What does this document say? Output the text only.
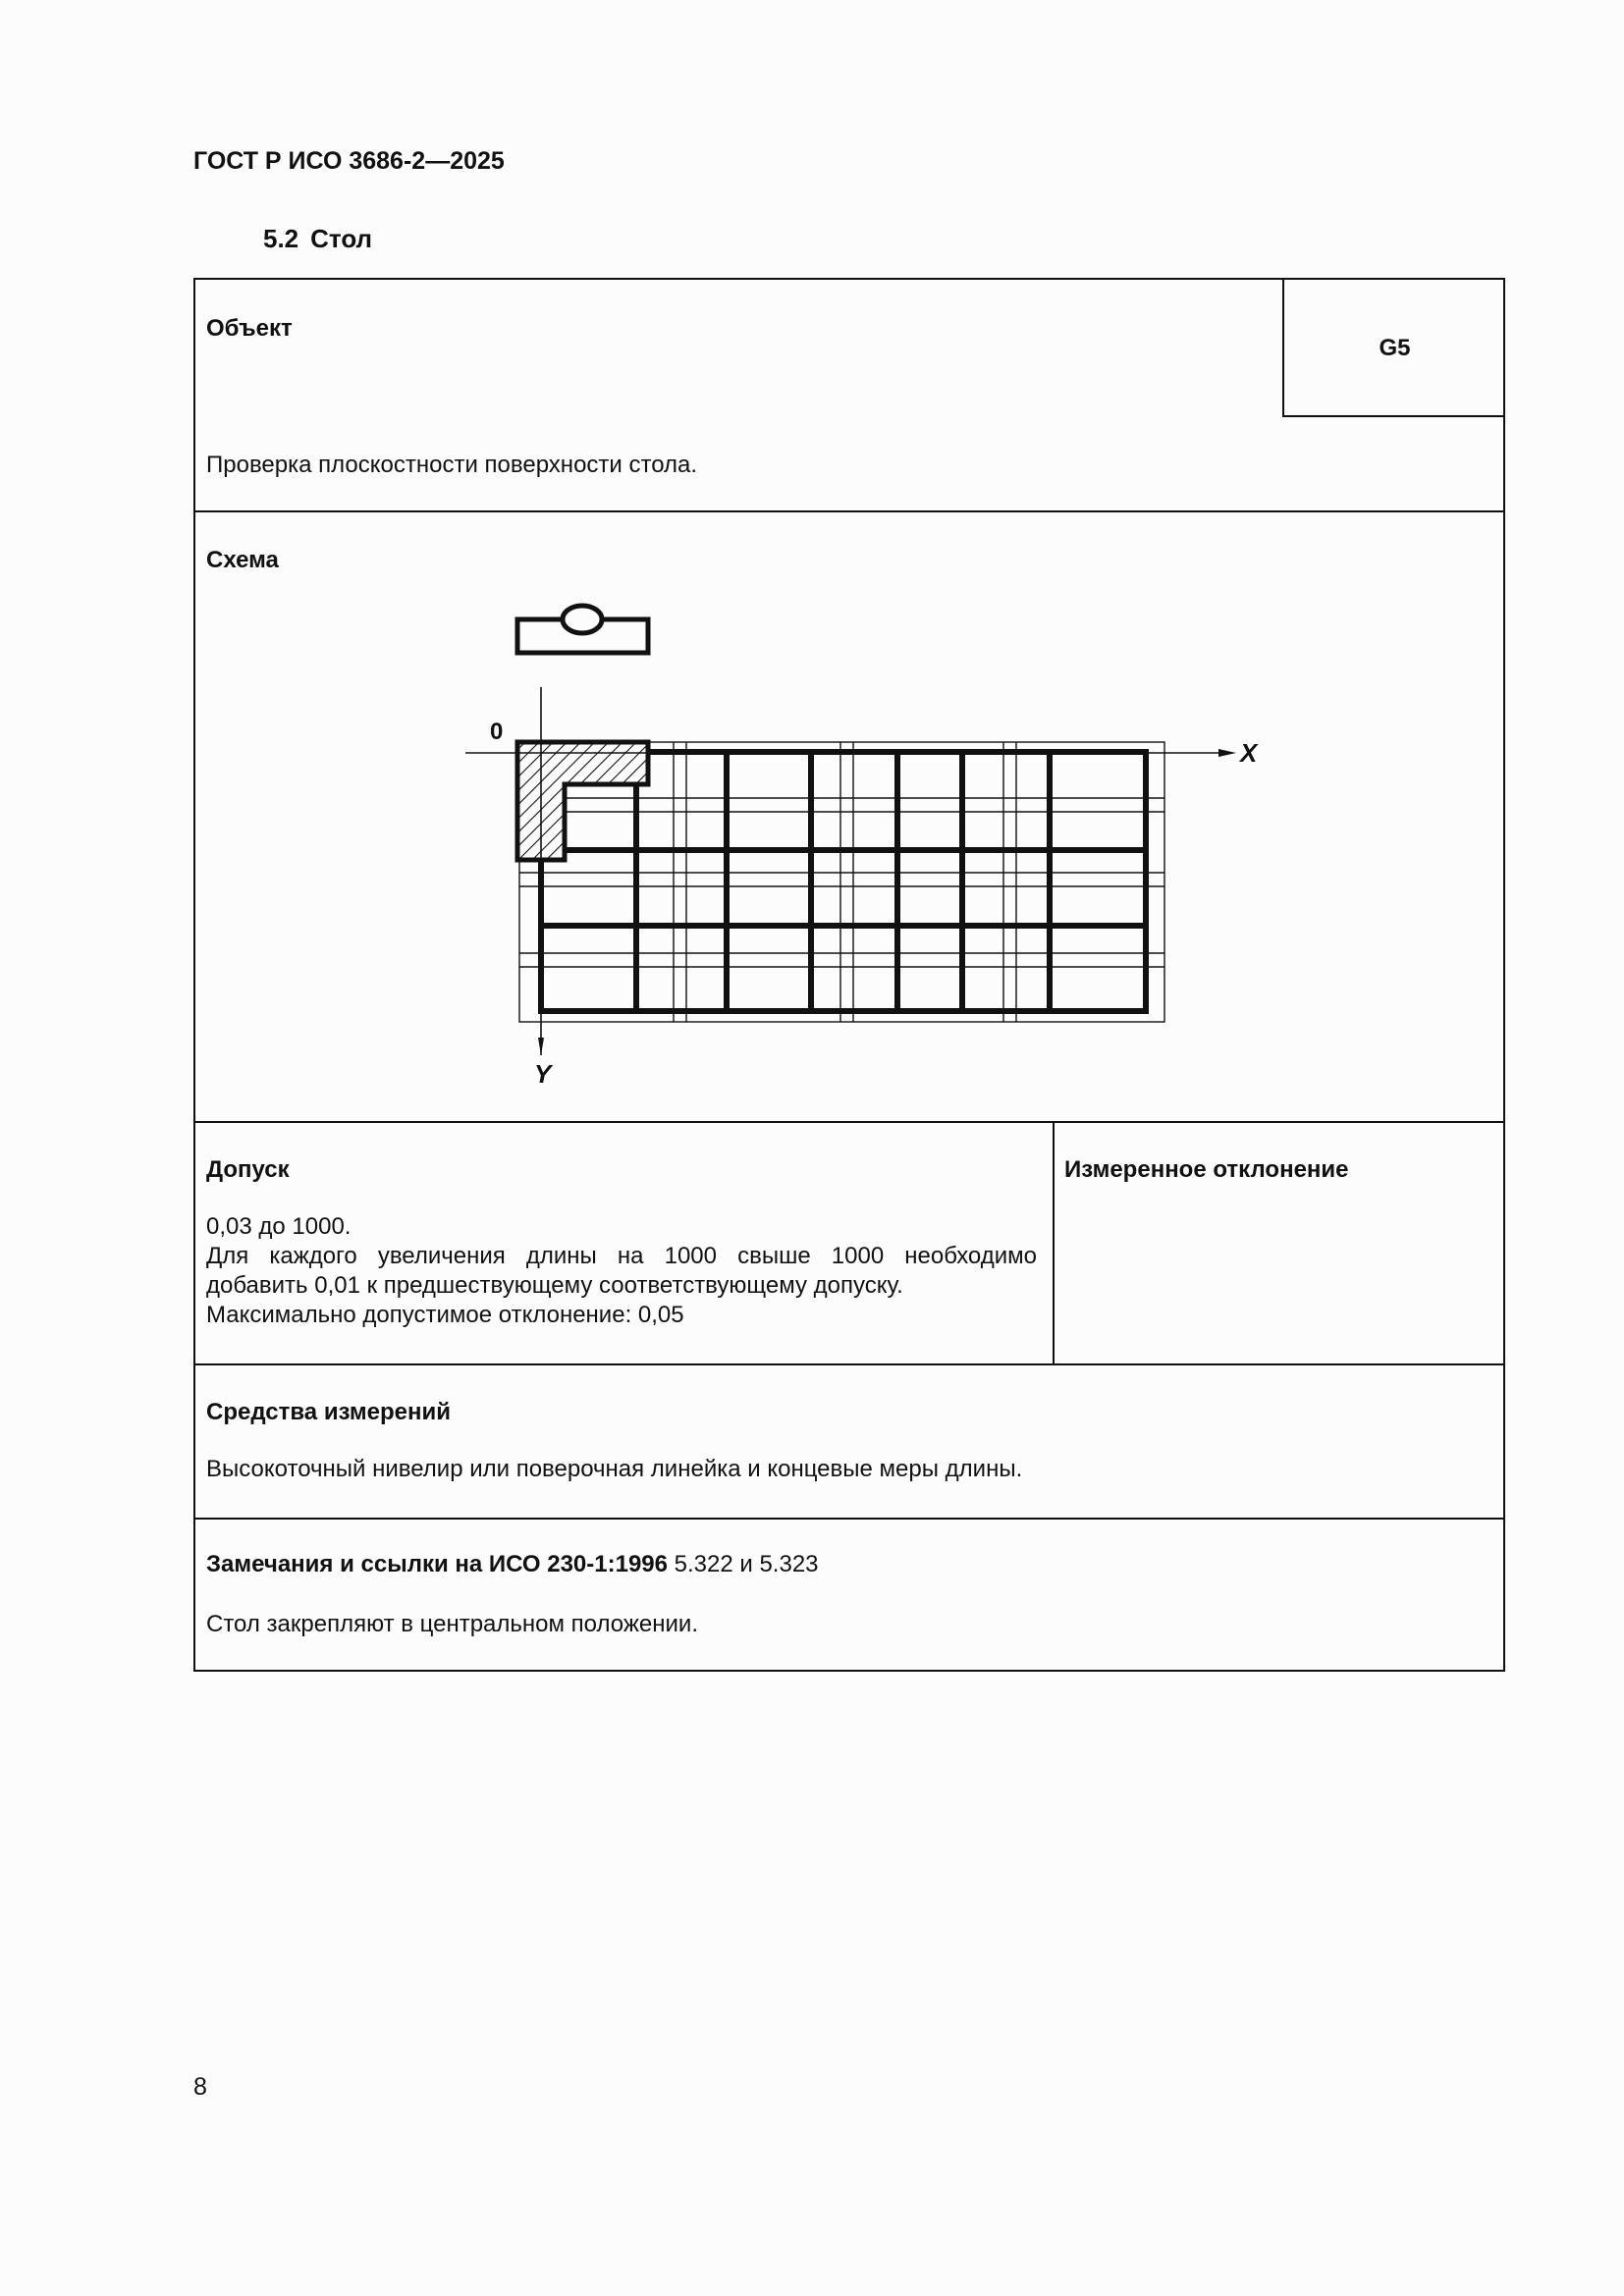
ГОСТ Р ИСО 3686-2—2025
5.2 Стол
Объект
G5
Проверка плоскостности поверхности стола.
Схема
0
X
Y
Допуск
0,03 до 1000.
Для каждого увеличения длины на 1000 свыше 1000 необходимо
добавить 0,01 к предшествующему соответствующему допуску.
Максимально допустимое отклонение: 0,05
Измеренное отклонение
Средства измерений
Высокоточный нивелир или поверочная линейка и концевые меры длины.
Замечания и ссылки на ИСО 230-1:1996 5.322 и 5.323
Стол закрепляют в центральном положении.
8
